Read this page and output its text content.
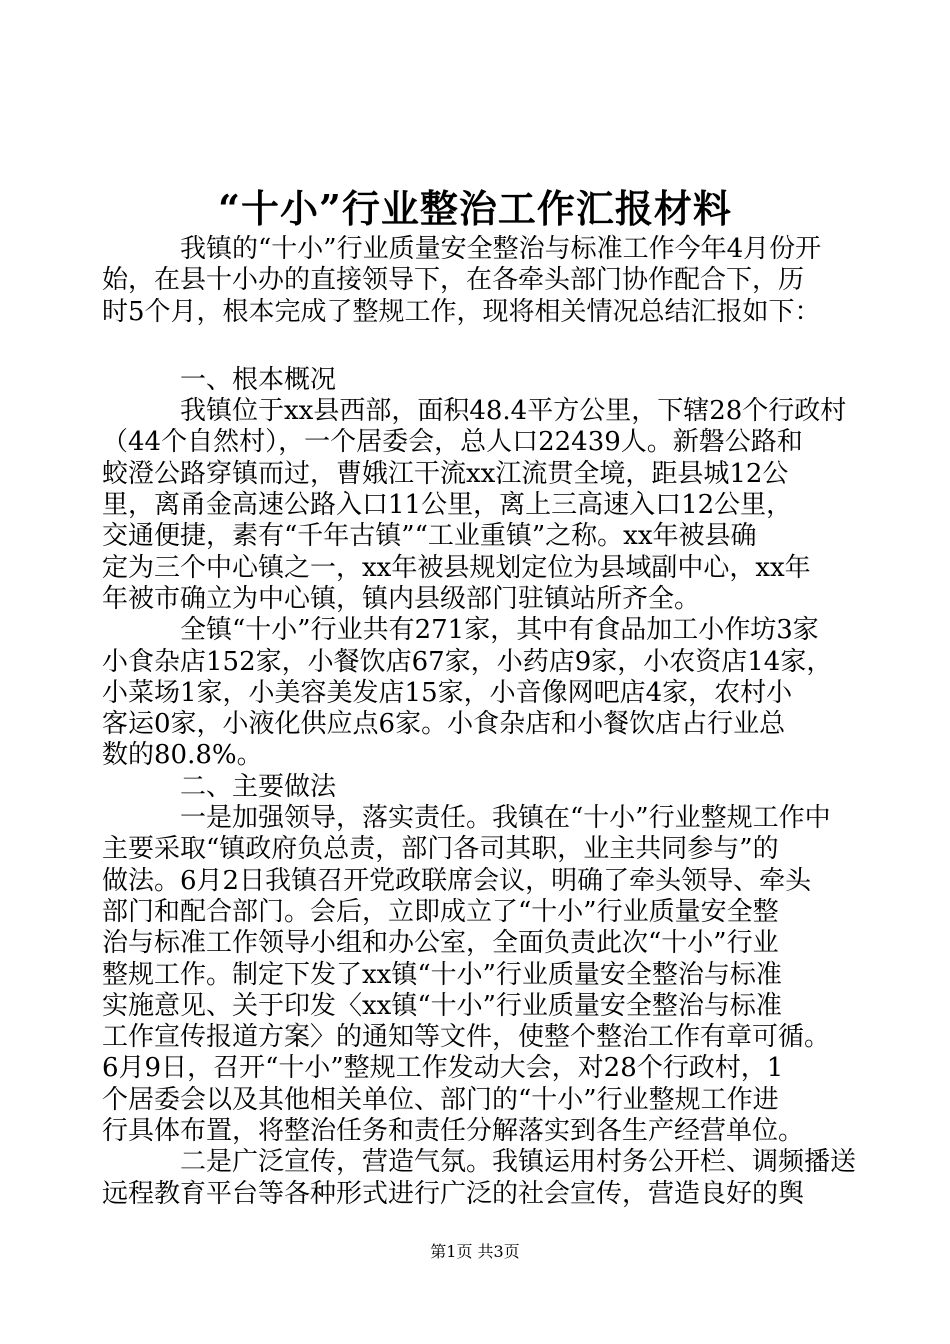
“十小”行业整治工作汇报材料
我镇的“十小”行业质量安全整治与标准工作今年4月份开
始，在县十小办的直接领导下，在各牵头部门协作配合下，历
时5个月，根本完成了整规工作，现将相关情况总结汇报如下：
一、根本概况
我镇位于xx县西部，面积48.4平方公里，下辖28个行政村
（44个自然村），一个居委会，总人口22439人。新磐公路和
蛟澄公路穿镇而过，曹娥江干流xx江流贯全境，距县城12公
里，离甬金高速公路入口11公里，离上三高速入口12公里，
交通便捷，素有“千年古镇”“工业重镇”之称。xx年被县确
定为三个中心镇之一，xx年被县规划定位为县域副中心，xx年
年被市确立为中心镇，镇内县级部门驻镇站所齐全。
全镇“十小”行业共有271家，其中有食品加工小作坊3家
小食杂店152家，小餐饮店67家，小药店9家，小农资店14家，
小菜场1家，小美容美发店15家，小音像网吧店4家，农村小
客运0家，小液化供应点6家。小食杂店和小餐饮店占行业总
数的80.8%。
二、主要做法
一是加强领导，落实责任。我镇在“十小”行业整规工作中
主要采取“镇政府负总责，部门各司其职，业主共同参与”的
做法。6月2日我镇召开党政联席会议，明确了牵头领导、牵头
部门和配合部门。会后，立即成立了“十小”行业质量安全整
治与标准工作领导小组和办公室，全面负责此次“十小”行业
整规工作。制定下发了xx镇“十小”行业质量安全整治与标准
实施意见、关于印发〈xx镇“十小”行业质量安全整治与标准
工作宣传报道方案〉的通知等文件，使整个整治工作有章可循。
6月9日，召开“十小”整规工作发动大会，对28个行政村，1
个居委会以及其他相关单位、部门的“十小”行业整规工作进
行具体布置，将整治任务和责任分解落实到各生产经营单位。
二是广泛宣传，营造气氛。我镇运用村务公开栏、调频播送
远程教育平台等各种形式进行广泛的社会宣传，营造良好的舆
第1页 共3页
